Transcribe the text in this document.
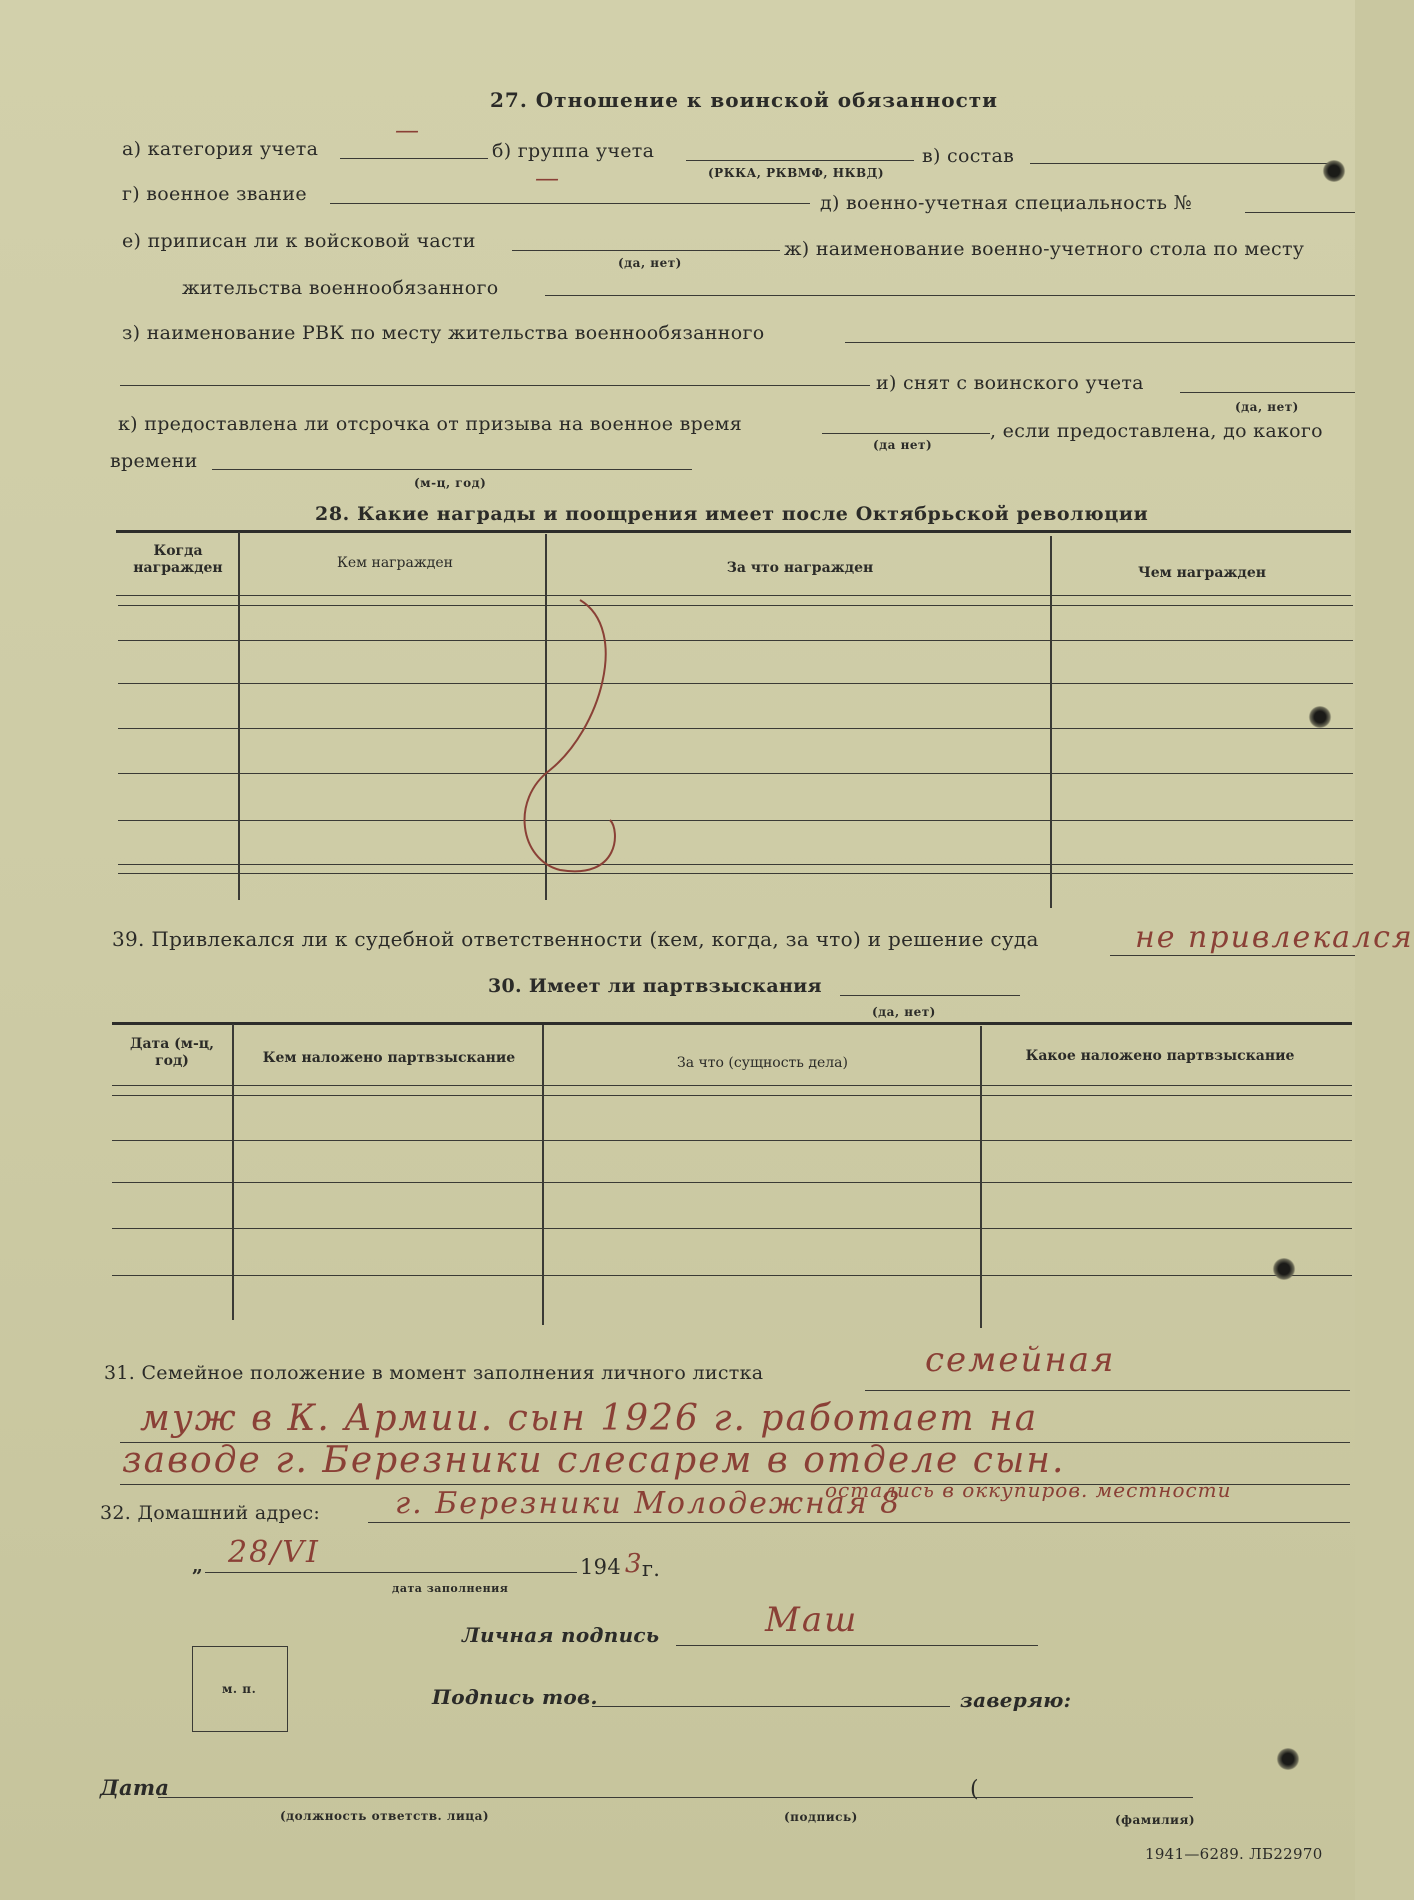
27. Отношение к воинской обязанности
а) категория учета
—
б) группа учета
(РККА, РКВМФ, НКВД)
в) состав
г) военное звание
—
д) военно-учетная специальность №
е) приписан ли к войсковой части
(да, нет)
ж) наименование военно-учетного стола по месту
жительства военнообязанного
з) наименование РВК по месту жительства военнообязанного
и) снят с воинского учета
(да, нет)
к) предоставлена ли отсрочка от призыва на военное время
(да нет)
, если предоставлена, до какого
времени
(м-ц, год)
28. Какие награды и поощрения имеет после Октябрьской революции
Когда награжден	Кем награжден	За что награжден	Чем награжден
39. Привлекался ли к судебной ответственности (кем, когда, за что) и решение суда	не привлекался
30. Имеет ли партвзыскания
(да, нет)
Дата (м-ц, год)	Кем наложено партвзыскание	За что (сущность дела)	Какое наложено партвзыскание
31. Семейное положение в момент заполнения личного листка	семейная
муж в К. Армии. сын 1926 г. работает на
заводе г. Березники слесарем в отделе сын.
остались в оккупиров. местности
32. Домашний адрес: г. Березники Молодежная 8
„ 28/VI	194 3
г.
дата заполнения
Личная подпись	Маш
м. п.	Подпись тов.	заверяю:
Дата	(
(должность ответств. лица)	(подпись)	(фамилия)
1941—6289. ЛБ22970
